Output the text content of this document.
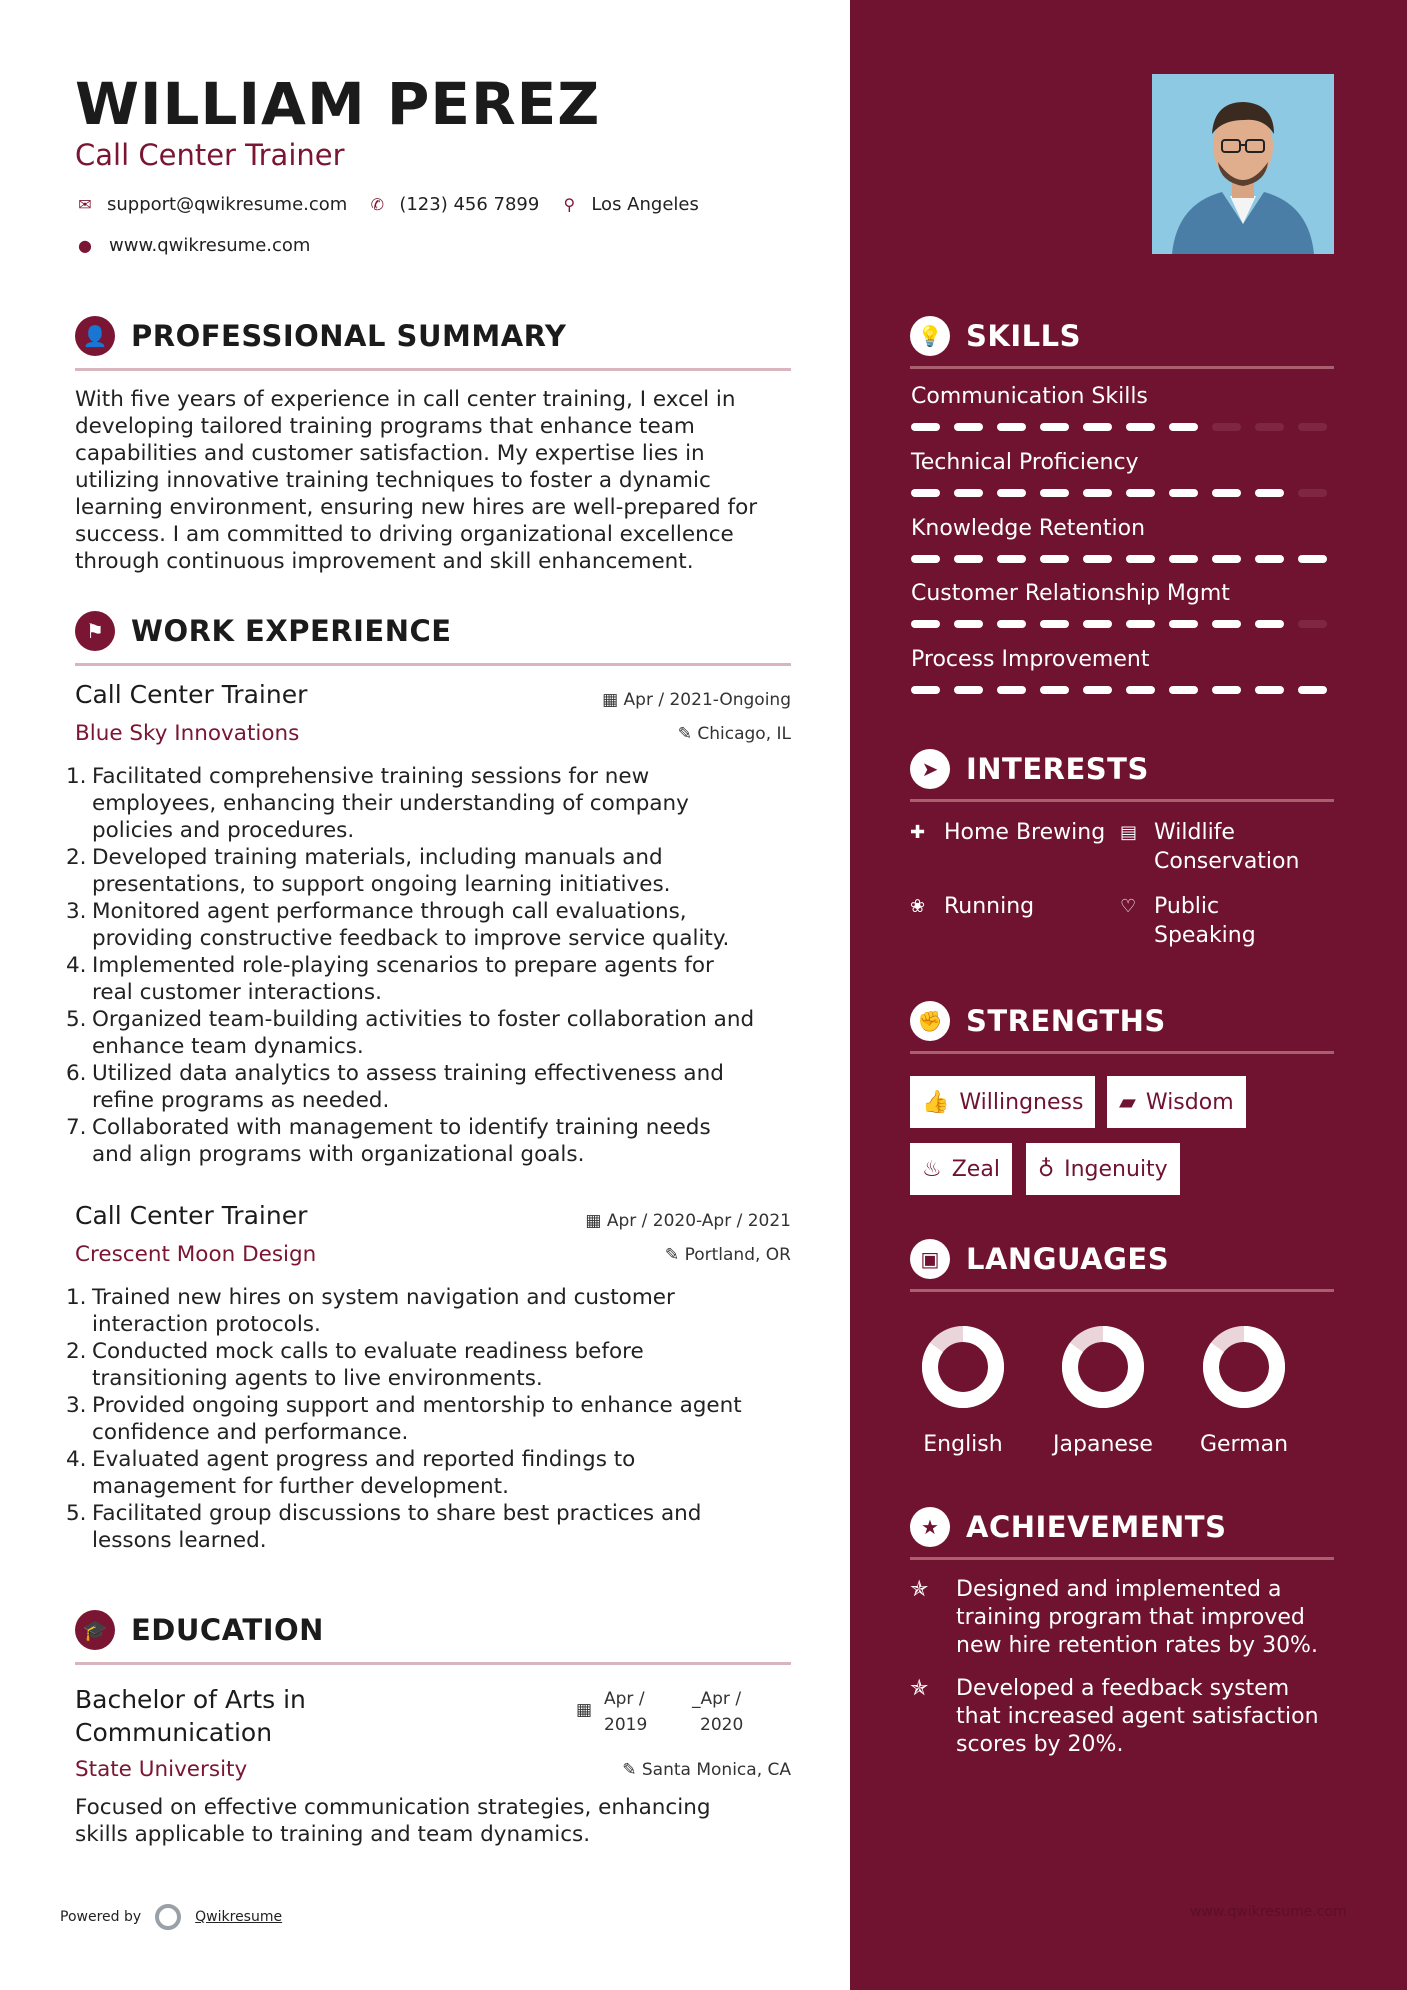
WILLIAM PEREZ
Call Center Trainer
✉ support@qwikresume.com ✆ (123) 456 7899 ⚲ Los Angeles
● www.qwikresume.com
👤 PROFESSIONAL SUMMARY
With five years of experience in call center training, I excel in
developing tailored training programs that enhance team
capabilities and customer satisfaction. My expertise lies in
utilizing innovative training techniques to foster a dynamic
learning environment, ensuring new hires are well-prepared for
success. I am committed to driving organizational excellence
through continuous improvement and skill enhancement.
⚑ WORK EXPERIENCE
Call Center Trainer	▦ Apr / 2021-Ongoing
Blue Sky Innovations	✎ Chicago, IL
1. Facilitated comprehensive training sessions for new
employees, enhancing their understanding of company
policies and procedures.
2. Developed training materials, including manuals and
presentations, to support ongoing learning initiatives.
3. Monitored agent performance through call evaluations,
providing constructive feedback to improve service quality.
4. Implemented role-playing scenarios to prepare agents for
real customer interactions.
5. Organized team-building activities to foster collaboration and
enhance team dynamics.
6. Utilized data analytics to assess training effectiveness and
refine programs as needed.
7. Collaborated with management to identify training needs
and align programs with organizational goals.
Call Center Trainer	▦ Apr / 2020-Apr / 2021
Crescent Moon Design	✎ Portland, OR
1. Trained new hires on system navigation and customer
interaction protocols.
2. Conducted mock calls to evaluate readiness before
transitioning agents to live environments.
3. Provided ongoing support and mentorship to enhance agent
confidence and performance.
4. Evaluated agent progress and reported findings to
management for further development.
5. Facilitated group discussions to share best practices and
lessons learned.
🎓 EDUCATION
Bachelor of Arts in
Communication
▦
Apr /
2019
_Apr /
2020
State University	✎ Santa Monica, CA
Focused on effective communication strategies, enhancing
skills applicable to training and team dynamics.
Powered by	Qwikresume	www.qwikresume.com
💡 SKILLS
Communication Skills
Technical Proficiency
Knowledge Retention
Customer Relationship Mgmt
Process Improvement
➤ INTERESTS
✚ Home Brewing ▤ Wildlife
Conservation
❀ Running	♡ Public
Speaking
✊ STRENGTHS
👍 Willingness ▰ Wisdom
♨ Zeal ♁ Ingenuity
▣ LANGUAGES
English	Japanese	German
★ ACHIEVEMENTS
✯	Designed and implemented a
training program that improved
new hire retention rates by 30%.
✯	Developed a feedback system
that increased agent satisfaction
scores by 20%.
